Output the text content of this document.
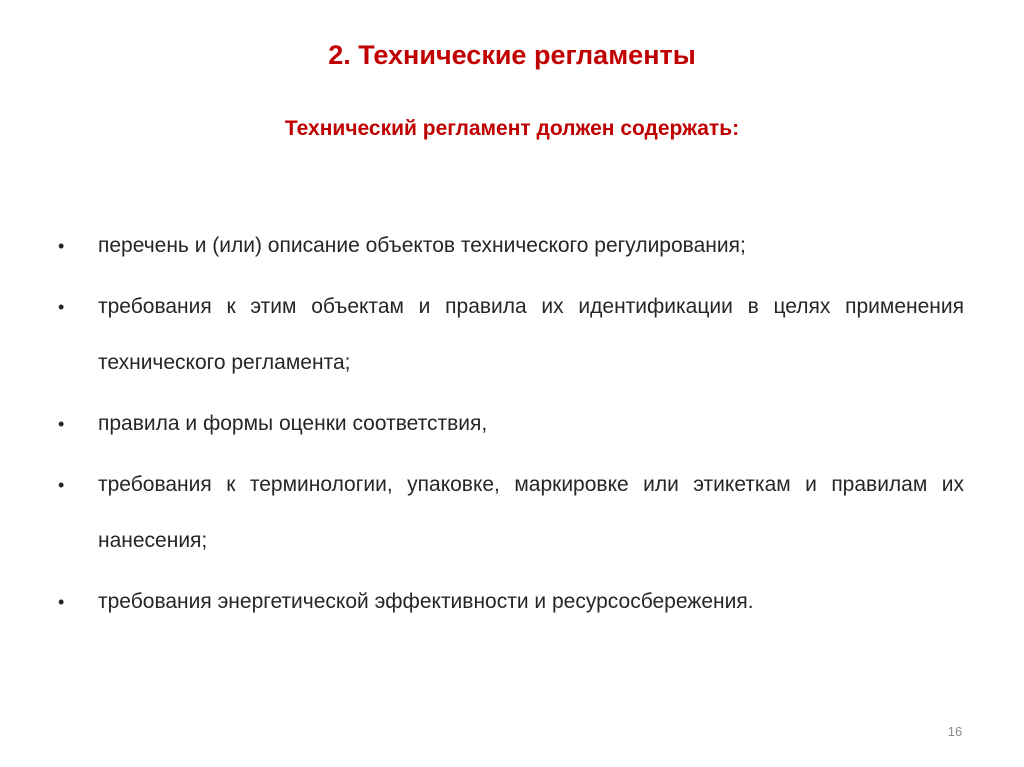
2. Технические регламенты
Технический регламент должен содержать:
• перечень и (или) описание объектов технического регулирования;
• требования к этим объектам и правила их идентификации в целях применения технического регламента;
• правила и формы оценки соответствия,
• требования к терминологии, упаковке, маркировке или этикеткам и правилам их нанесения;
• требования энергетической эффективности и ресурсосбережения.
16
